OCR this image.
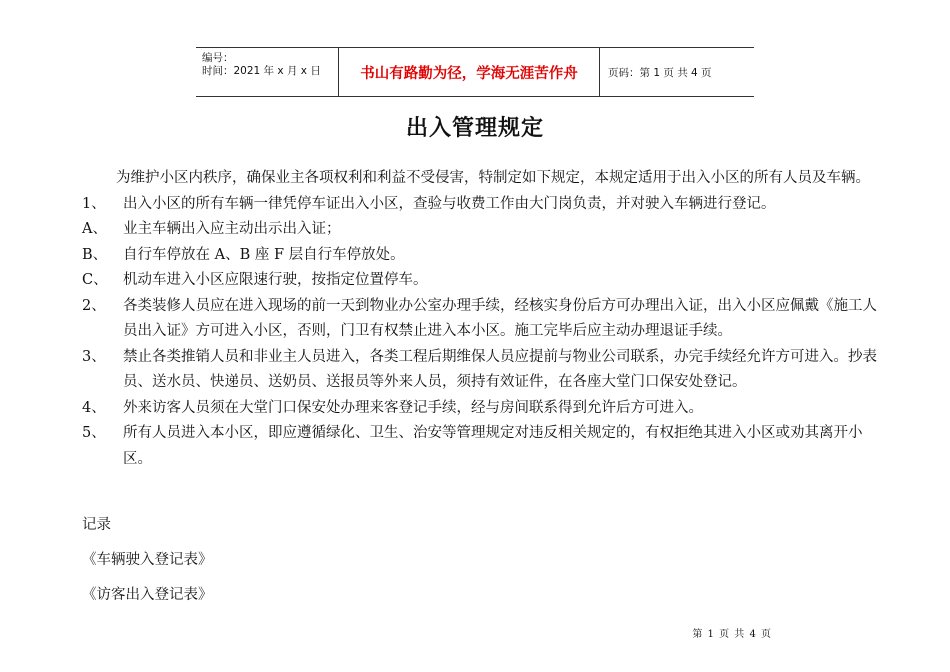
编号：
时间：2021 年 x 月 x 日	书山有路勤为径，学海无涯苦作舟	页码：第 1 页 共 4 页
出入管理规定

为维护小区内秩序，确保业主各项权利和利益不受侵害，特制定如下规定，本规定适用于出入小区的所有人员及车辆。

1、 出入小区的所有车辆一律凭停车证出入小区，查验与收费工作由大门岗负责，并对驶入车辆进行登记。
A、 业主车辆出入应主动出示出入证；
B、 自行车停放在 A、B 座 F 层自行车停放处。
C、 机动车进入小区应限速行驶，按指定位置停车。
2、 各类装修人员应在进入现场的前一天到物业办公室办理手续，经核实身份后方可办理出入证，出入小区应佩戴《施工人员出入证》方可进入小区，否则，门卫有权禁止进入本小区。施工完毕后应主动办理退证手续。
3、 禁止各类推销人员和非业主人员进入，各类工程后期维保人员应提前与物业公司联系，办完手续经允许方可进入。抄表员、送水员、快递员、送奶员、送报员等外来人员，须持有效证件，在各座大堂门口保安处登记。
4、 外来访客人员须在大堂门口保安处办理来客登记手续，经与房间联系得到允许后方可进入。
5、 所有人员进入本小区，即应遵循绿化、卫生、治安等管理规定对违反相关规定的，有权拒绝其进入小区或劝其离开小区。
记录
《车辆驶入登记表》
《访客出入登记表》
第 1 页 共 4 页
